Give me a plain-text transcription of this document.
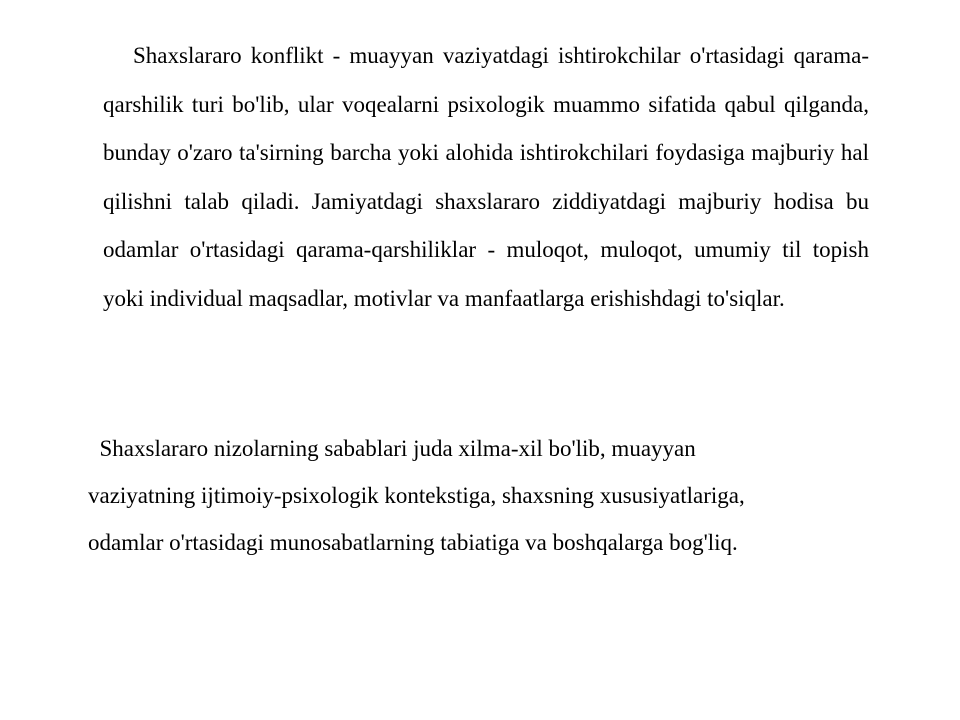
Shaxslararo konflikt - muayyan vaziyatdagi ishtirokchilar o'rtasidagi qarama-qarshilik turi bo'lib, ular voqealarni psixologik muammo sifatida qabul qilganda, bunday o'zaro ta'sirning barcha yoki alohida ishtirokchilari foydasiga majburiy hal qilishni talab qiladi. Jamiyatdagi shaxslararo ziddiyatdagi majburiy hodisa bu odamlar o'rtasidagi qarama-qarshiliklar - muloqot, muloqot, umumiy til topish yoki individual maqsadlar, motivlar va manfaatlarga erishishdagi to'siqlar.

Shaxslararo nizolarning sabablari juda xilma-xil bo'lib, muayyan
vaziyatning ijtimoiy-psixologik kontekstiga, shaxsning xususiyatlariga,
odamlar o'rtasidagi munosabatlarning tabiatiga va boshqalarga bog'liq.
